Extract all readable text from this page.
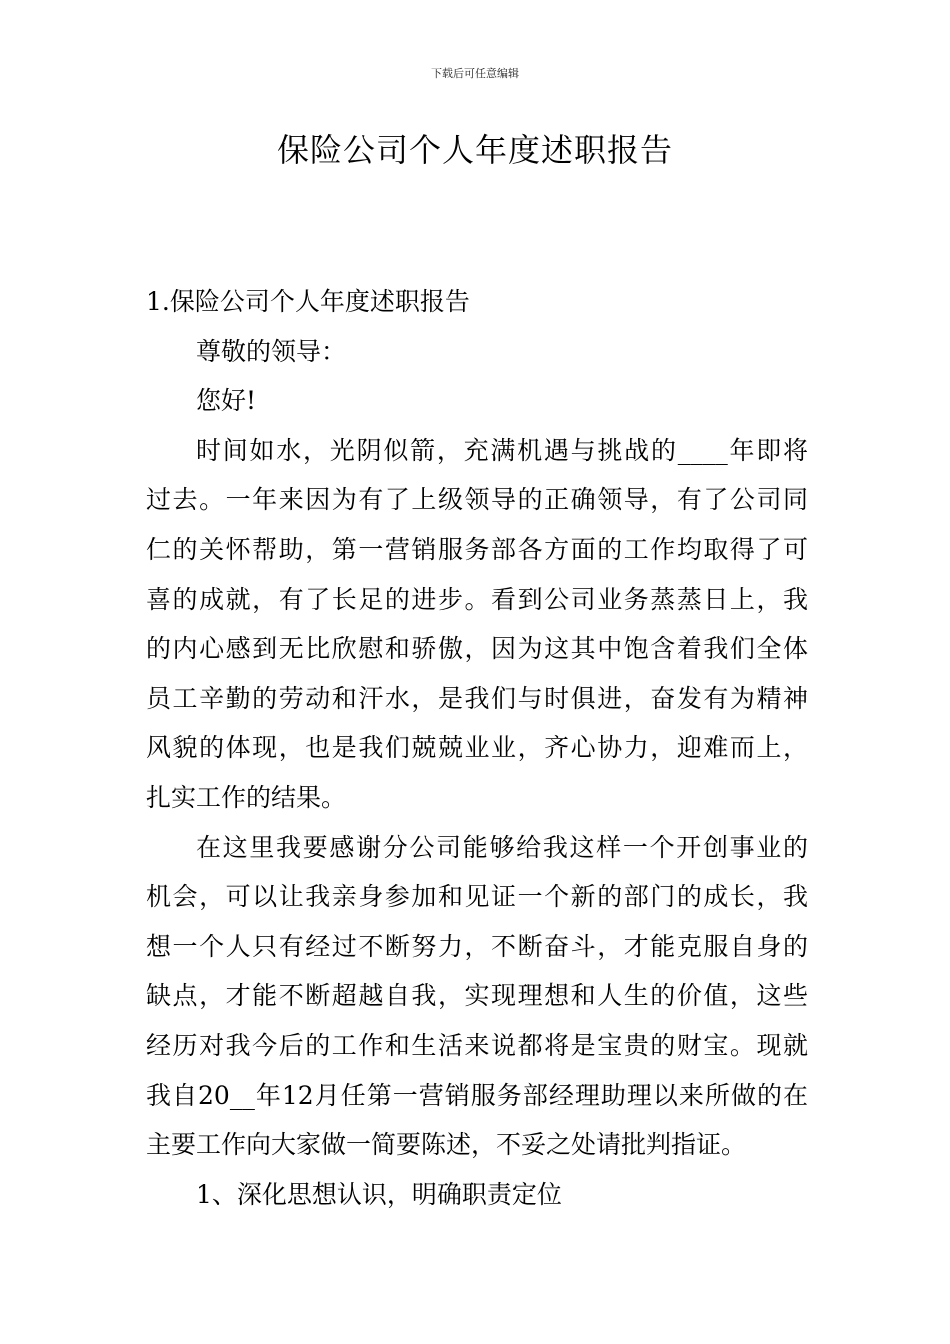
下载后可任意编辑
保险公司个人年度述职报告
1.保险公司个人年度述职报告
尊敬的领导：
您好!
时间如水，光阴似箭，充满机遇与挑战的____年即将
过去。一年来因为有了上级领导的正确领导，有了公司同
仁的关怀帮助，第一营销服务部各方面的工作均取得了可
喜的成就，有了长足的进步。看到公司业务蒸蒸日上，我
的内心感到无比欣慰和骄傲，因为这其中饱含着我们全体
员工辛勤的劳动和汗水，是我们与时俱进，奋发有为精神
风貌的体现，也是我们兢兢业业，齐心协力，迎难而上，
扎实工作的结果。
在这里我要感谢分公司能够给我这样一个开创事业的
机会，可以让我亲身参加和见证一个新的部门的成长，我
想一个人只有经过不断努力，不断奋斗，才能克服自身的
缺点，才能不断超越自我，实现理想和人生的价值，这些
经历对我今后的工作和生活来说都将是宝贵的财宝。现就
我自20__年12月任第一营销服务部经理助理以来所做的在
主要工作向大家做一简要陈述，不妥之处请批判指证。
1、深化思想认识，明确职责定位
